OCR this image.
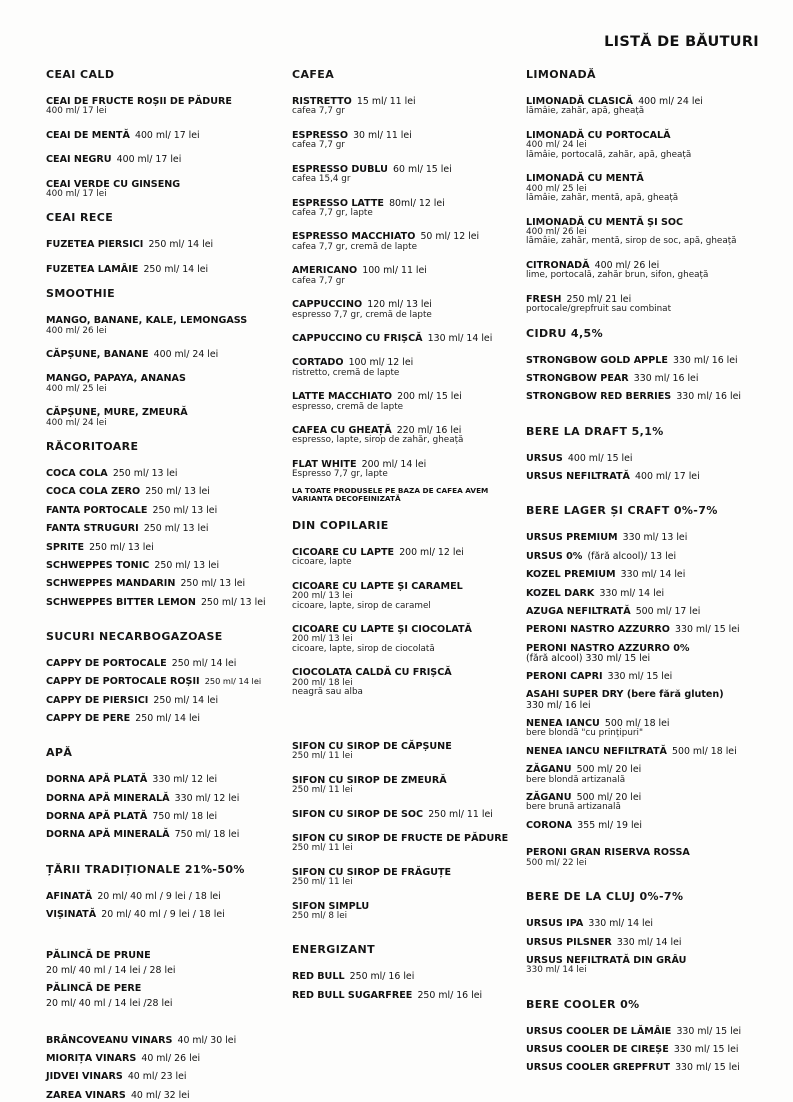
LISTĂ DE BĂUTURI
CEAI CALD
CEAI DE FRUCTE ROȘII DE PĂDURE
400 ml/ 17 lei
CEAI DE MENTĂ 400 ml/ 17 lei
CEAI NEGRU 400 ml/ 17 lei
CEAI VERDE CU GINSENG
400 ml/ 17 lei
CEAI RECE
FUZETEA PIERSICI 250 ml/ 14 lei
FUZETEA LAMÂIE 250 ml/ 14 lei
SMOOTHIE
MANGO, BANANE, KALE, LEMONGASS
400 ml/ 26 lei
CĂPȘUNE, BANANE 400 ml/ 24 lei
MANGO, PAPAYA, ANANAS
400 ml/ 25 lei
CĂPȘUNE, MURE, ZMEURĂ
400 ml/ 24 lei
RĂCORITOARE
COCA COLA 250 ml/ 13 lei
COCA COLA ZERO 250 ml/ 13 lei
FANTA PORTOCALE 250 ml/ 13 lei
FANTA STRUGURI 250 ml/ 13 lei
SPRITE 250 ml/ 13 lei
SCHWEPPES TONIC 250 ml/ 13 lei
SCHWEPPES MANDARIN 250 ml/ 13 lei
SCHWEPPES BITTER LEMON 250 ml/ 13 lei
SUCURI NECARBOGAZOASE
CAPPY DE PORTOCALE 250 ml/ 14 lei
CAPPY DE PORTOCALE ROȘII 250 ml/ 14 lei
CAPPY DE PIERSICI 250 ml/ 14 lei
CAPPY DE PERE 250 ml/ 14 lei
APĂ
DORNA APĂ PLATĂ 330 ml/ 12 lei
DORNA APĂ MINERALĂ 330 ml/ 12 lei
DORNA APĂ PLATĂ 750 ml/ 18 lei
DORNA APĂ MINERALĂ 750 ml/ 18 lei
ȚĂRII TRADIȚIONALE 21%-50%
AFINATĂ 20 ml/ 40 ml / 9 lei / 18 lei
VIȘINATĂ 20 ml/ 40 ml / 9 lei / 18 lei
PĂLINCĂ DE PRUNE
20 ml/ 40 ml / 14 lei / 28 lei
PĂLINCĂ DE PERE
20 ml/ 40 ml / 14 lei /28 lei
BRÂNCOVEANU VINARS 40 ml/ 30 lei
MIORIȚA VINARS 40 ml/ 26 lei
JIDVEI VINARS 40 ml/ 23 lei
ZAREA VINARS 40 ml/ 32 lei
CAFEA
RISTRETTO 15 ml/ 11 lei
cafea 7,7 gr
ESPRESSO 30 ml/ 11 lei
cafea 7,7 gr
ESPRESSO DUBLU 60 ml/ 15 lei
cafea 15,4 gr
ESPRESSO LATTE 80ml/ 12 lei
cafea 7,7 gr, lapte
ESPRESSO MACCHIATO 50 ml/ 12 lei
cafea 7,7 gr, cremă de lapte
AMERICANO 100 ml/ 11 lei
cafea 7,7 gr
CAPPUCCINO 120 ml/ 13 lei
espresso 7,7 gr, cremă de lapte
CAPPUCCINO CU FRIȘCĂ 130 ml/ 14 lei
CORTADO 100 ml/ 12 lei
ristretto, cremă de lapte
LATTE MACCHIATO 200 ml/ 15 lei
espresso, cremă de lapte
CAFEA CU GHEAȚĂ 220 ml/ 16 lei
espresso, lapte, sirop de zahăr, gheață
FLAT WHITE 200 ml/ 14 lei
Espresso 7,7 gr, lapte
LA TOATE PRODUSELE PE BAZA DE CAFEA AVEM VARIANTA DECOFEINIZATĂ
DIN COPILARIE
CICOARE CU LAPTE 200 ml/ 12 lei
cicoare, lapte
CICOARE CU LAPTE ȘI CARAMEL
200 ml/ 13 lei
cicoare, lapte, sirop de caramel
CICOARE CU LAPTE ȘI CIOCOLATĂ
200 ml/ 13 lei
cicoare, lapte, sirop de ciocolată
CIOCOLATA CALDĂ CU FRIȘCĂ
200 ml/ 18 lei
neagră sau alba
SIFON CU SIROP DE CĂPȘUNE
250 ml/ 11 lei
SIFON CU SIROP DE ZMEURĂ
250 ml/ 11 lei
SIFON CU SIROP DE SOC 250 ml/ 11 lei
SIFON CU SIROP DE FRUCTE DE PĂDURE
250 ml/ 11 lei
SIFON CU SIROP DE FRĂGUȚE
250 ml/ 11 lei
SIFON SIMPLU
250 ml/ 8 lei
ENERGIZANT
RED BULL 250 ml/ 16 lei
RED BULL SUGARFREE 250 ml/ 16 lei
LIMONADĂ
LIMONADĂ CLASICĂ 400 ml/ 24 lei
lămâie, zahăr, apă, gheață
LIMONADĂ CU PORTOCALĂ
400 ml/ 24 lei
lămâie, portocală, zahăr, apă, gheață
LIMONADĂ CU MENTĂ
400 ml/ 25 lei
lămâie, zahăr, mentă, apă, gheață
LIMONADĂ CU MENTĂ ȘI SOC
400 ml/ 26 lei
lămâie, zahăr, mentă, sirop de soc, apă, gheață
CITRONADĂ 400 ml/ 26 lei
lime, portocală, zahăr brun, sifon, gheață
FRESH 250 ml/ 21 lei
portocale/grepfruit sau combinat
CIDRU 4,5%
STRONGBOW GOLD APPLE 330 ml/ 16 lei
STRONGBOW PEAR 330 ml/ 16 lei
STRONGBOW RED BERRIES 330 ml/ 16 lei
BERE LA DRAFT 5,1%
URSUS 400 ml/ 15 lei
URSUS NEFILTRATĂ 400 ml/ 17 lei
BERE LAGER ȘI CRAFT 0%-7%
URSUS PREMIUM 330 ml/ 13 lei
URSUS 0% (fără alcool)/ 13 lei
KOZEL PREMIUM 330 ml/ 14 lei
KOZEL DARK 330 ml/ 14 lei
AZUGA NEFILTRATĂ 500 ml/ 17 lei
PERONI NASTRO AZZURRO 330 ml/ 15 lei
PERONI NASTRO AZZURRO 0%
(fără alcool) 330 ml/ 15 lei
PERONI CAPRI 330 ml/ 15 lei
ASAHI SUPER DRY (bere fără gluten)
330 ml/ 16 lei
NENEA IANCU 500 ml/ 18 lei
bere blondă "cu prințipuri"
NENEA IANCU NEFILTRATĂ 500 ml/ 18 lei
ZĂGANU 500 ml/ 20 lei
bere blondă artizanală
ZĂGANU 500 ml/ 20 lei
bere brună artizanală
CORONA 355 ml/ 19 lei
PERONI GRAN RISERVA ROSSA
500 ml/ 22 lei
BERE DE LA CLUJ 0%-7%
URSUS IPA 330 ml/ 14 lei
URSUS PILSNER 330 ml/ 14 lei
URSUS NEFILTRATĂ DIN GRÂU
330 ml/ 14 lei
BERE COOLER 0%
URSUS COOLER DE LĂMÂIE 330 ml/ 15 lei
URSUS COOLER DE CIREȘE 330 ml/ 15 lei
URSUS COOLER GREPFRUT 330 ml/ 15 lei
